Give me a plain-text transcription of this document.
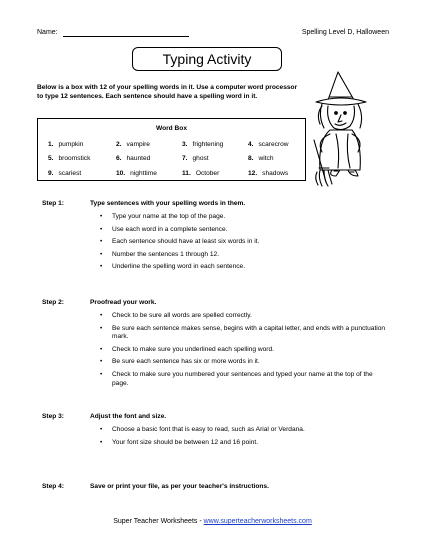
Name:	Spelling Level D, Halloween
Typing Activity
Below is a box with 12 of your spelling words in it. Use a computer word processor to type 12 sentences. Each sentence should have a spelling word in it.
Word Box
1. pumpkin	2. vampire	3. frightening	4. scarecrow
5. broomstick	6. haunted	7. ghost	8. witch
9. scariest	10. nighttime	11. October	12. shadows
Step 1:	Type sentences with your spelling words in them.
• Type your name at the top of the page.
• Use each word in a complete sentence.
• Each sentence should have at least six words in it.
• Number the sentences 1 through 12.
• Underline the spelling word in each sentence.
Step 2:	Proofread your work.
• Check to be sure all words are spelled correctly.
• Be sure each sentence makes sense, begins with a capital letter, and ends with a punctuation mark.
• Check to make sure you underlined each spelling word.
• Be sure each sentence has six or more words in it.
• Check to make sure you numbered your sentences and typed your name at the top of the page.
Step 3:	Adjust the font and size.
• Choose a basic font that is easy to read, such as Arial or Verdana.
• Your font size should be between 12 and 16 point.
Step 4:	Save or print your file, as per your teacher's instructions.
Super Teacher Worksheets - www.superteacherworksheets.com
